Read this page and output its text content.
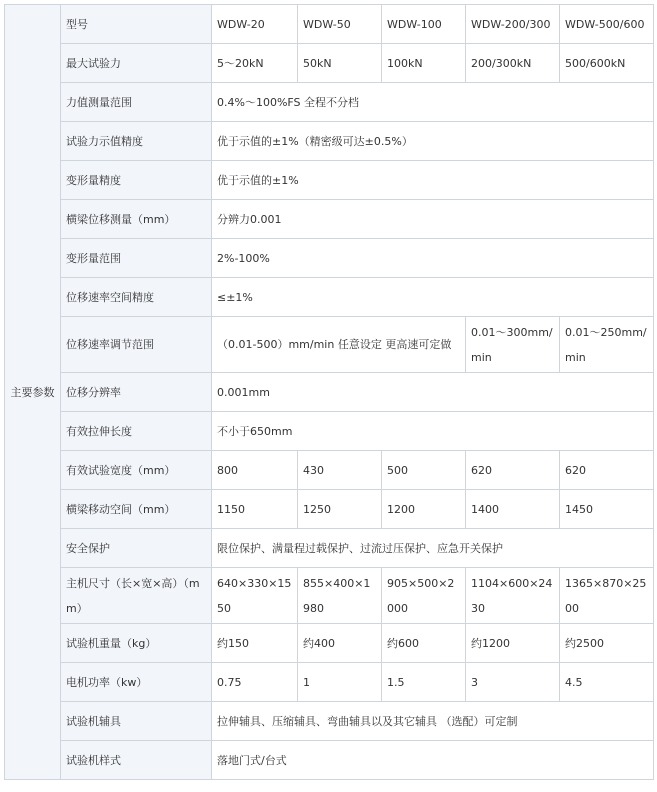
主要参数	型号	WDW-20	WDW-50	WDW-100	WDW-200/300	WDW-500/600
	最大试验力	5～20kN	50kN	100kN	200/300kN	500/600kN
	力值测量范围	0.4%～100%FS 全程不分档				
	试验力示值精度	优于示值的±1%（精密级可达±0.5%）				
	变形量精度	优于示值的±1%				
	横梁位移测量（mm）	分辨力0.001				
	变形量范围	2%-100%				
	位移速率空间精度	≤±1%				
	位移速率调节范围	（0.01-500）mm/min 任意设定 更高速可定做			0.01～300mm/min	0.01～250mm/min
	位移分辨率	0.001mm				
	有效拉伸长度	不小于650mm				
	有效试验宽度（mm）	800	430	500	620	620
	横梁移动空间（mm）	1150	1250	1200	1400	1450
	安全保护	限位保护、满量程过载保护、过流过压保护、应急开关保护				
	主机尺寸（长×宽×高）（mm）	640×330×1550	855×400×1980	905×500×2000	1104×600×2430	1365×870×2500
	试验机重量（kg）	约150	约400	约600	约1200	约2500
	电机功率（kw）	0.75	1	1.5	3	4.5
	试验机辅具	拉伸辅具、压缩辅具、弯曲辅具以及其它辅具 （选配）可定制				
	试验机样式	落地门式/台式				
